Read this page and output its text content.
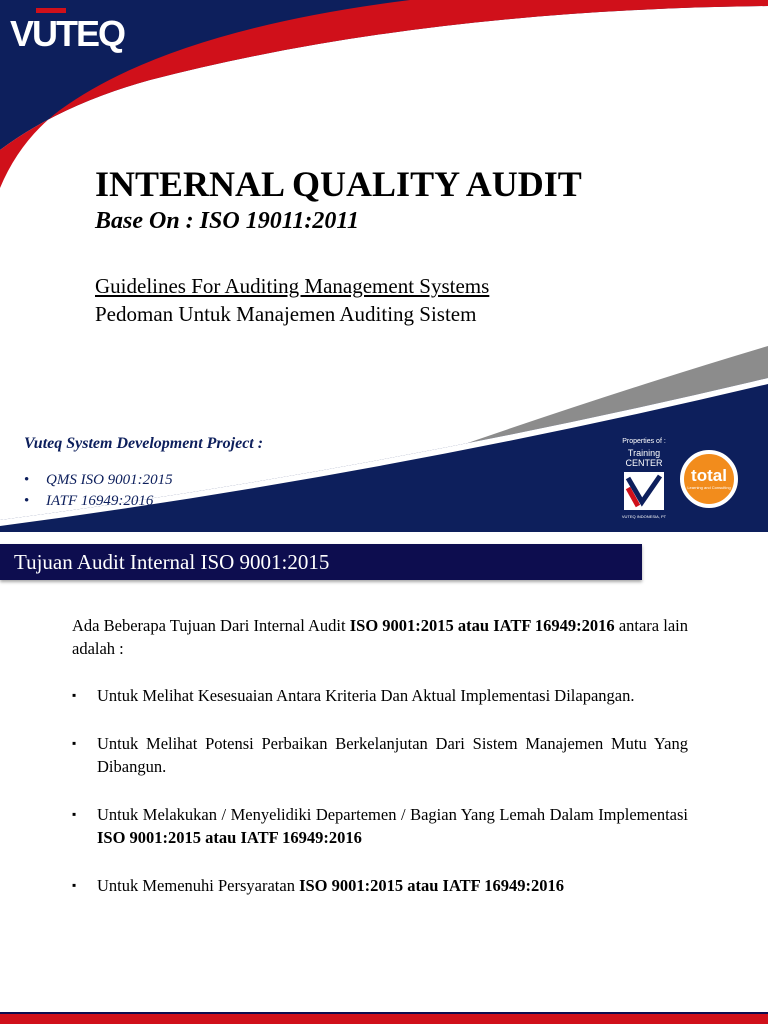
VUTEQ
INTERNAL QUALITY AUDIT
Base On : ISO 19011:2011
Guidelines For Auditing Management Systems
Pedoman Untuk Manajemen Auditing Sistem
Vuteq System Development Project :
• QMS ISO 9001:2015
• IATF 16949:2016
Properties of :
Training
CENTER
VUTEQ INDONESIA, PT
total
Learning and Consulting
Tujuan Audit Internal ISO 9001:2015

Ada Beberapa Tujuan Dari Internal Audit ISO 9001:2015 atau IATF 16949:2016 antara lain adalah :

▪ Untuk Melihat Kesesuaian Antara Kriteria Dan Aktual Implementasi Dilapangan.
▪ Untuk Melihat Potensi Perbaikan Berkelanjutan Dari Sistem Manajemen Mutu Yang Dibangun.
▪ Untuk Melakukan / Menyelidiki Departemen / Bagian Yang Lemah Dalam Implementasi ISO 9001:2015 atau IATF 16949:2016
▪ Untuk Memenuhi Persyaratan ISO 9001:2015 atau IATF 16949:2016
